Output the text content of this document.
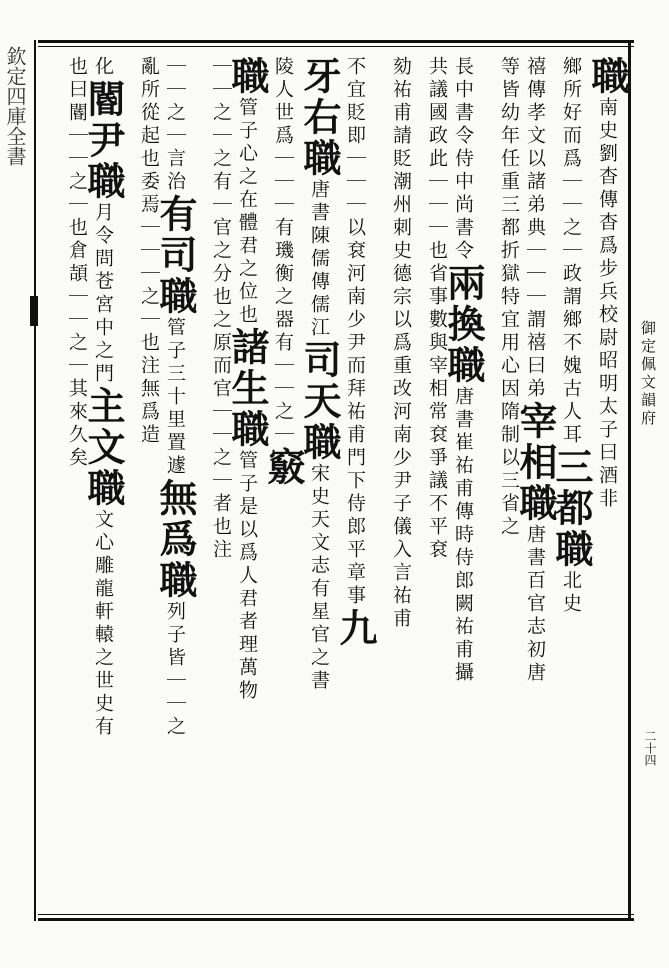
欽定四庫全書
御定佩文韻府
二十四
職南史劉杳傳杳爲步兵校尉昭明太子曰酒非
鄉所好而爲｜｜之｜政謂鄉不媿古人耳三都職北史
禧傳孝文以諸弟典｜｜｜謂禧曰弟宰相職唐書百官志初唐
等皆幼年任重三都折獄特宜用心因隋制以三省之
長中書令侍中尚書令兩換職唐書崔祐甫傳時侍郎闕祐甫攝
共議國政此｜｜｜也省事數與宰相常袞爭議不平袞
劾祐甫請貶潮州刺史德宗以爲重改河南少尹子儀入言祐甫
不宜貶即｜｜｜以袞河南少尹而拜祐甫門下侍郎平章事九
牙右職唐書陳儒傳儒江司天職宋史天文志有星官之書
陵人世爲｜｜｜有璣衡之器有｜｜之｜竅
職管子心之在體君之位也諸生職管子是以爲人君者理萬物
｜｜之｜之有｜官之分也之原而官｜｜之｜者也注
｜｜之｜言治有司職管子三十里置遽無爲職列子皆｜｜之
亂所從起也委焉｜｜｜之｜也注無爲造
化閽尹職月令問苍宮中之門主文職文心雕龍軒轅之世史有
也曰閽｜｜之｜也倉頡｜｜之｜其來久矣
